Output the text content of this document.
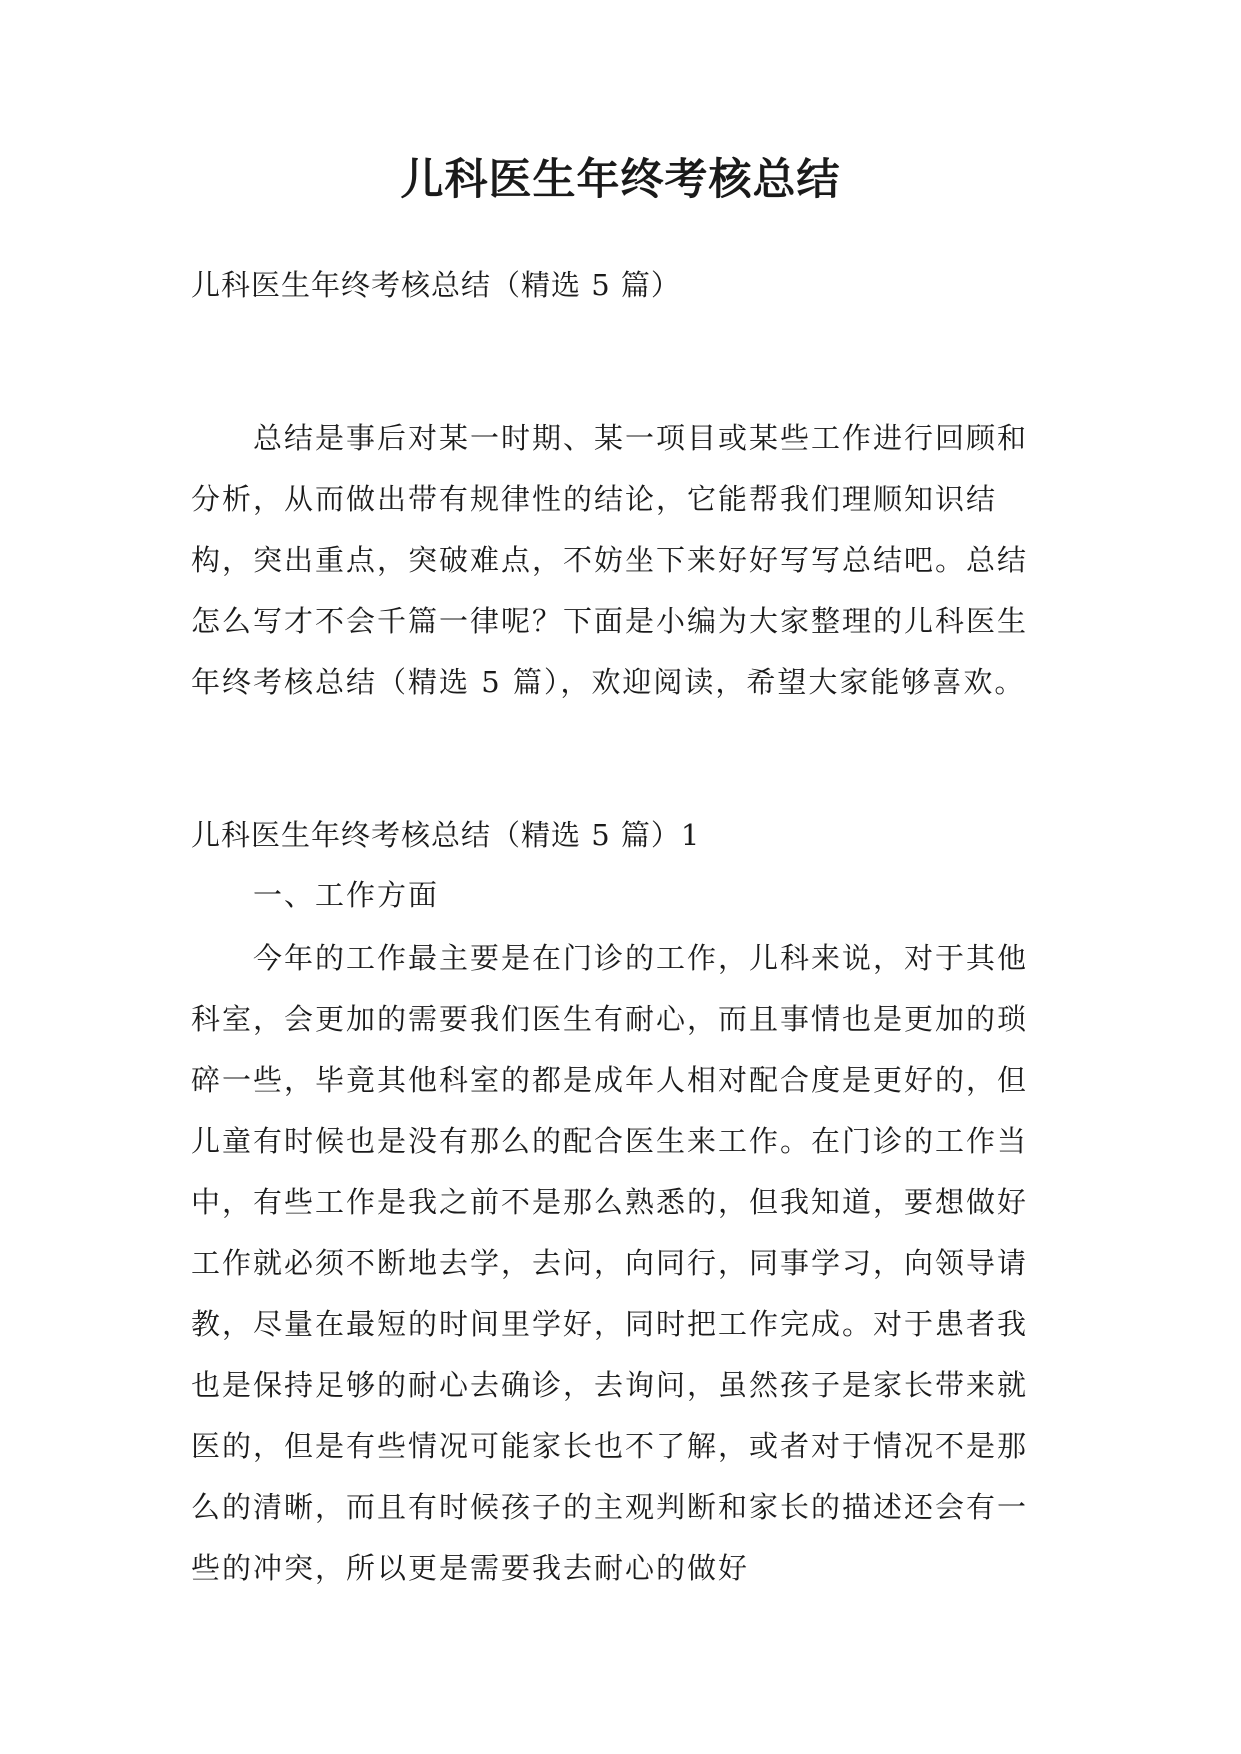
儿科医生年终考核总结

儿科医生年终考核总结（精选 5 篇）

总结是事后对某一时期、某一项目或某些工作进行回顾和分析，从而做出带有规律性的结论，它能帮我们理顺知识结构，突出重点，突破难点，不妨坐下来好好写写总结吧。总结怎么写才不会千篇一律呢？下面是小编为大家整理的儿科医生年终考核总结（精选 5 篇），欢迎阅读，希望大家能够喜欢。

儿科医生年终考核总结（精选 5 篇）1

一、工作方面

今年的工作最主要是在门诊的工作，儿科来说，对于其他科室，会更加的需要我们医生有耐心，而且事情也是更加的琐碎一些，毕竟其他科室的都是成年人相对配合度是更好的，但儿童有时候也是没有那么的配合医生来工作。在门诊的工作当中，有些工作是我之前不是那么熟悉的，但我知道，要想做好工作就必须不断地去学，去问，向同行，同事学习，向领导请教，尽量在最短的时间里学好，同时把工作完成。对于患者我也是保持足够的耐心去确诊，去询问，虽然孩子是家长带来就医的，但是有些情况可能家长也不了解，或者对于情况不是那么的清晰，而且有时候孩子的主观判断和家长的描述还会有一些的冲突，所以更是需要我去耐心的做好
